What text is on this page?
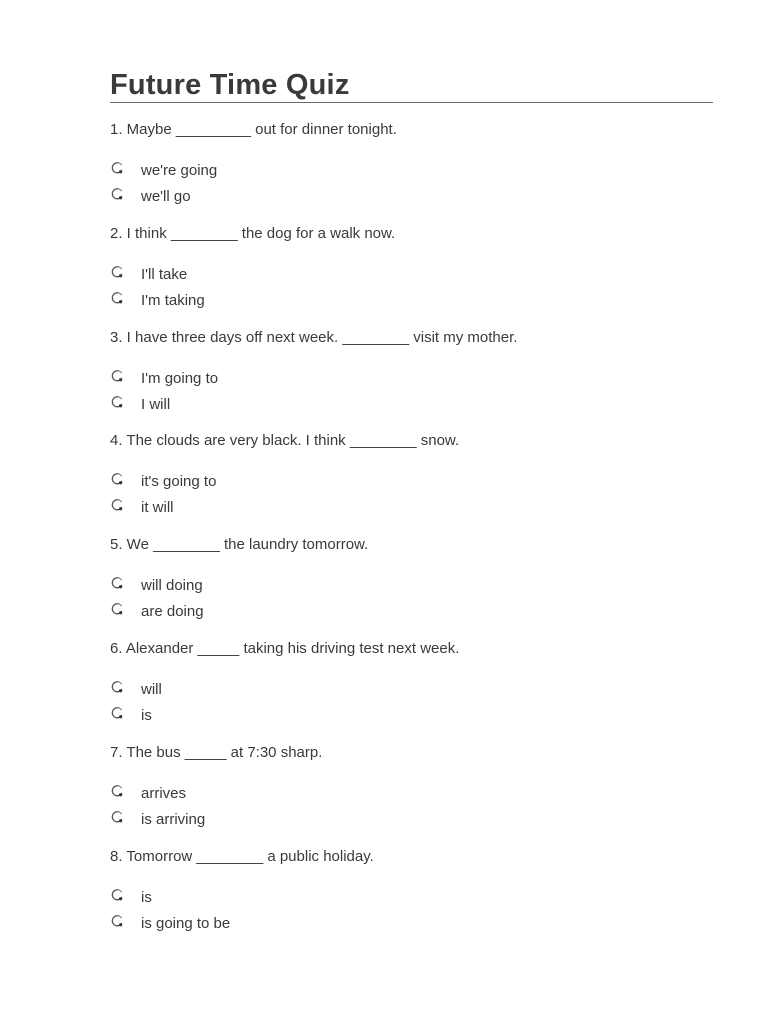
Future Time Quiz
1. Maybe _________ out for dinner tonight.
we're going
we'll go
2. I think ________ the dog for a walk now.
I'll take
I'm taking
3. I have three days off next week. ________ visit my mother.
I'm going to
I will
4. The clouds are very black. I think ________ snow.
it's going to
it will
5. We ________ the laundry tomorrow.
will doing
are doing
6. Alexander _____ taking his driving test next week.
will
is
7. The bus _____ at 7:30 sharp.
arrives
is arriving
8. Tomorrow ________ a public holiday.
is
is going to be
